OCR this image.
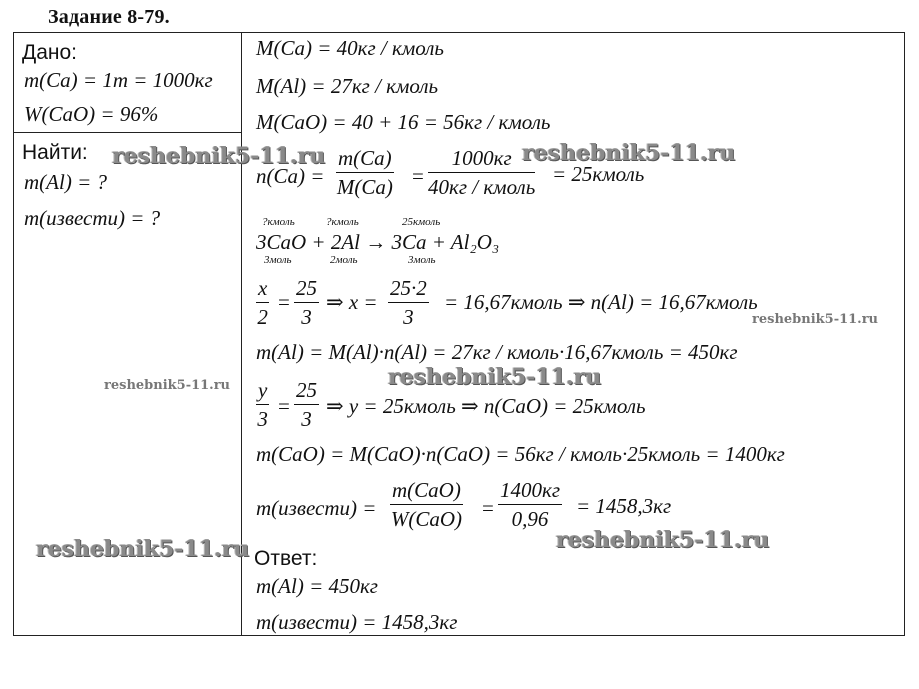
Задание 8-79.
Дано:
m(Ca) = 1т = 1000кг
W(CaO) = 96%
Найти:
m(Al) = ?
m(извести) = ?
M(Ca) = 40кг / кмоль
M(Al) = 27кг / кмоль
M(CaO) = 40 + 16 = 56кг / кмоль
$n(Ca) = \frac{m(Ca)}{M(Ca)}$ =
1000кг
40кг / кмоль
= 25кмоль
?кмоль	?кмоль	25кмоль
3CaO + 2Al → 3Ca + Al₂O₃
3моль	2моль	3моль
$\frac{x}{2} = \frac{25}{3}$ ⇒ $x = \frac{25\cdot 2}{3}$ = 16,67кмоль ⇒ n(Al) = 16,67кмоль
m(Al) = M(Al)·n(Al) = 27кг / кмоль·16,67кмоль = 450кг
$\frac{y}{3} = \frac{25}{3}$ ⇒ y = 25кмоль ⇒ n(CaO) = 25кмоль
m(CaO) = M(CaO)·n(CaO) = 56кг / кмоль·25кмоль = 1400кг
m(извести) =
m(CaO)
W(CaO) =
1400кг
0,96
= 1458,3кг
Ответ:
m(Al) = 450кг
m(извести) = 1458,3кг
reshebnik5-11.ru	reshebnik5-11.ru
reshebnik5-11.ru
reshebnik5-11.ru
reshebnik5-11.ru
reshebnik5-11.ru	reshebnik5-11.ru
